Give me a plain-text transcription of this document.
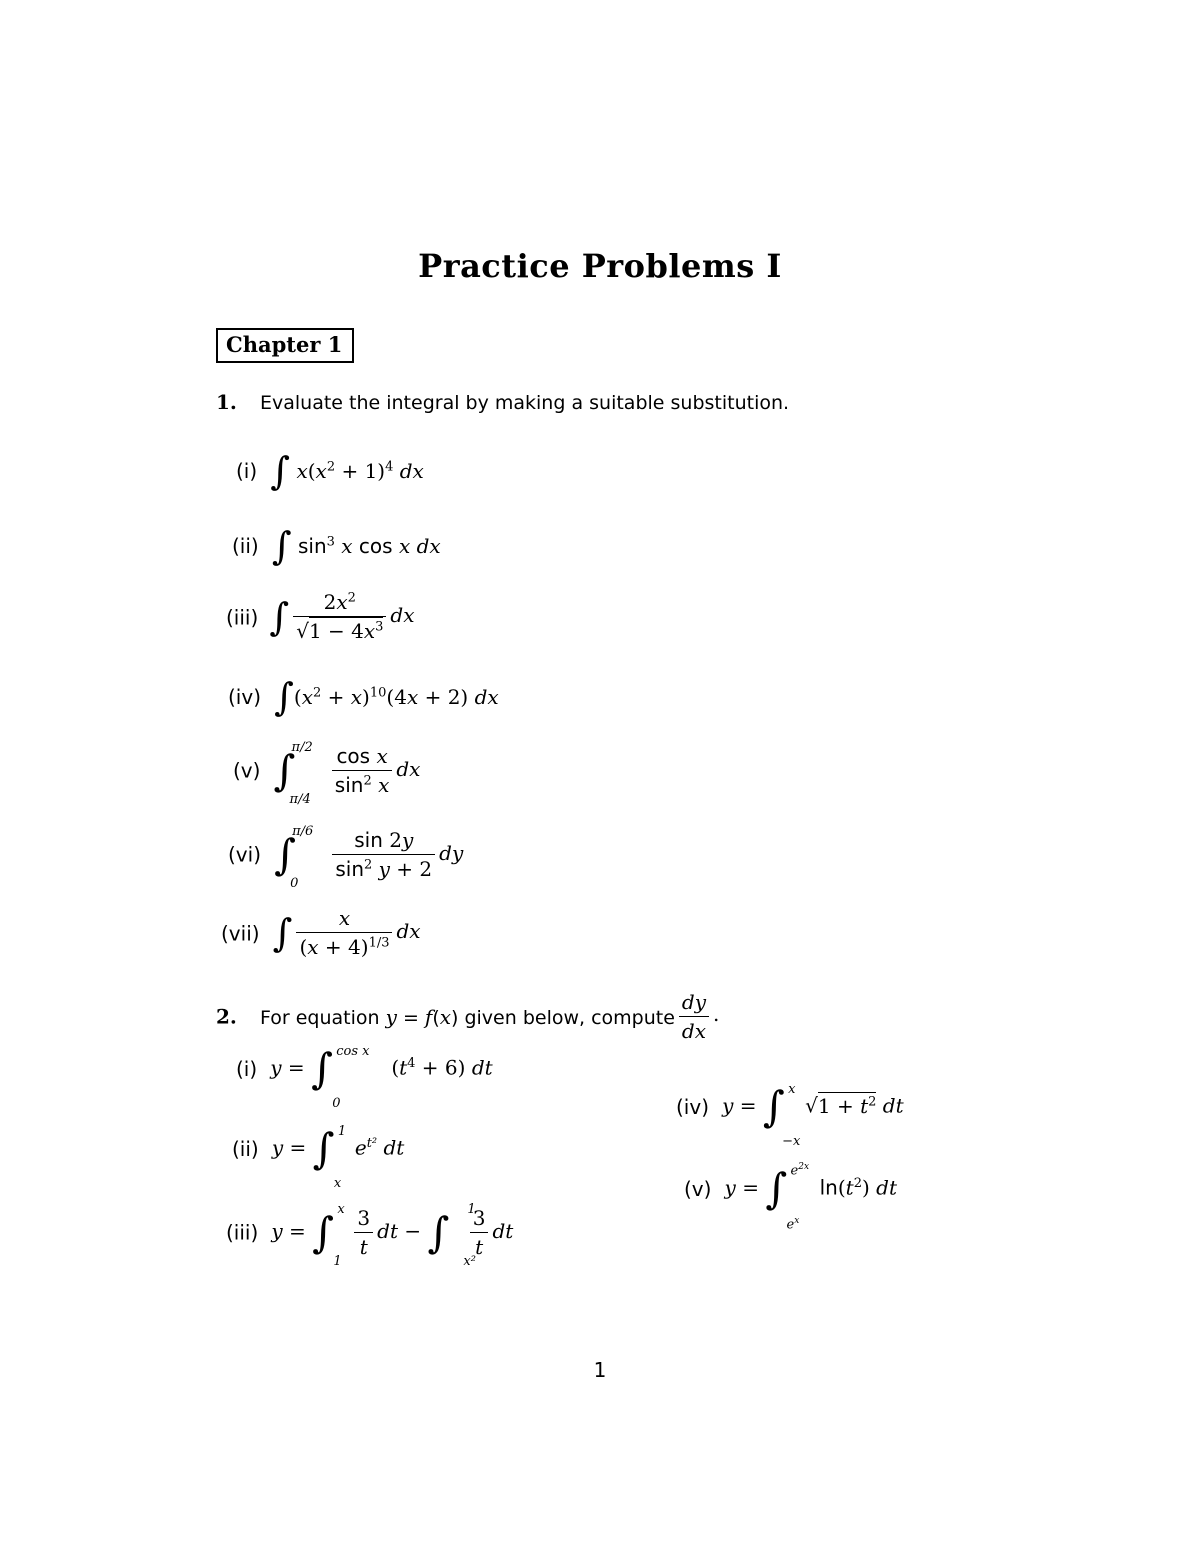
Practice Problems I
Chapter 1
1. Evaluate the integral by making a suitable substitution.
(i) ∫ $x(x^2 + 1)^4$ dx
(ii) ∫ $\sin^3 x$ cos x dx
(iii) ∫ $\frac{2x^2}{√1 - 4x^3}$ dx
(iv) $\int(x^2 + x)^{10}(4x + 2)$ dx
(v) ∫
π/2
π/4
$\frac{\text{cos x}}{\sin^2 x}$ dx
(vi) ∫
π/6
0
$\frac{\sin 2y}{\sin^2 y + 2}$ dy
(vii) ∫ $\frac{x}{(x + 4)^{1/3}}$ dx
2. For equation y = f(x) given below, compute $\frac{dy}{dx}$ .
(i) y = ∫ cos x
0
$(t^4 + 6)$ dt
(ii) y = ∫ 1
x
$e^{t^2}$ dt
(iii) y = ∫ x
1
$\frac{3}{t}$ dt − ∫ 1
x²
$\frac{3}{t}$ dt
(iv) y = ∫ x
−x
$√1 + t^2$ dt
(v) y = ∫ $e^{2x}$
$e^x$
$\ln(t^2)$ dt
1
